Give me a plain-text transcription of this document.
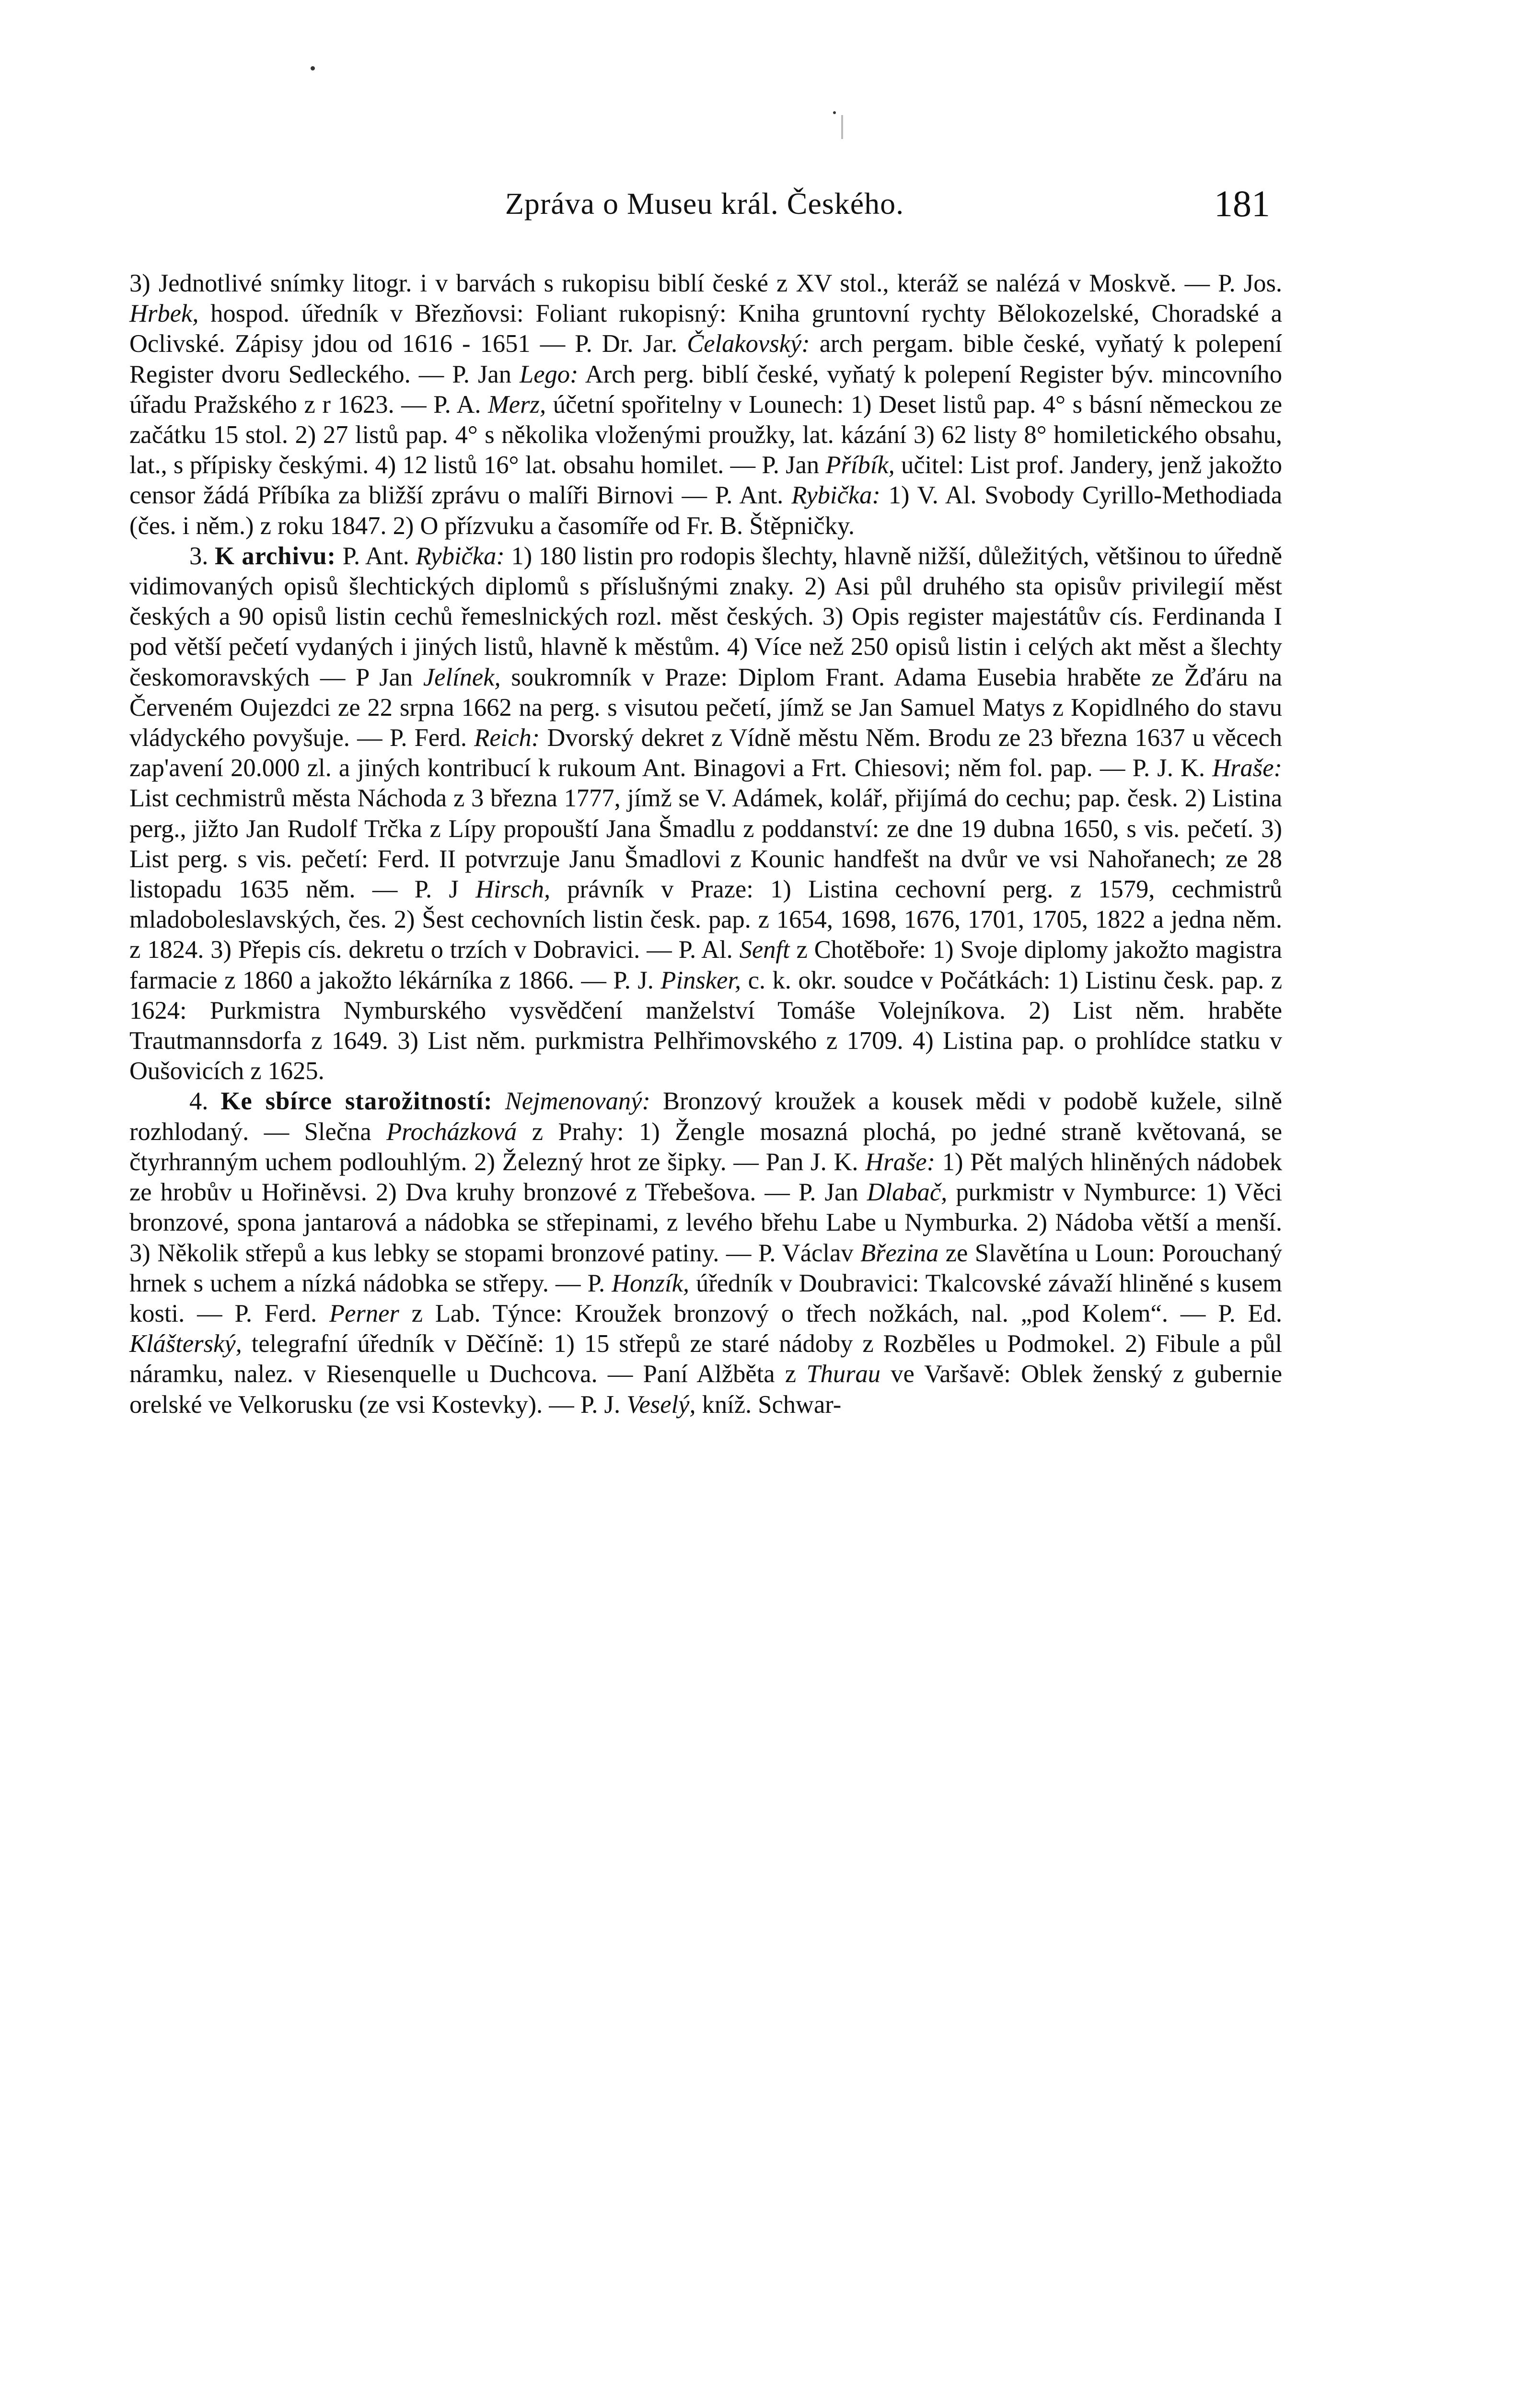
Zpráva o Museu král. Českého.	181

3) Jednotlivé snímky litogr. i v barvách s rukopisu biblí české z XV stol., kteráž se nalézá v Moskvě. — P. Jos. Hrbek, hospod. úředník v Březňovsi: Foliant rukopisný: Kniha gruntovní rychty Bělokozelské, Choradské a Oclivské. Zápisy jdou od 1616 - 1651 — P. Dr. Jar. Čelakovský: arch pergam. bible české, vyňatý k polepení Register dvoru Sedleckého. — P. Jan Lego: Arch perg. biblí české, vyňatý k polepení Register býv. mincovního úřadu Pražského z r 1623. — P. A. Merz, účetní spořitelny v Lounech: 1) Deset listů pap. 4° s básní německou ze začátku 15 stol. 2) 27 listů pap. 4° s několika vloženými proužky, lat. kázání 3) 62 listy 8° homiletického obsahu, lat., s přípisky českými. 4) 12 listů 16° lat. obsahu homilet. — P. Jan Příbík, učitel: List prof. Jandery, jenž jakožto censor žádá Příbíka za bližší zprávu o malíři Birnovi — P. Ant. Rybička: 1) V. Al. Svobody Cyrillo-Methodiada (čes. i něm.) z roku 1847. 2) O přízvuku a časomíře od Fr. B. Štěpničky.

3. K archivu: P. Ant. Rybička: 1) 180 listin pro rodopis šlechty, hlavně nižší, důležitých, většinou to úředně vidimovaných opisů šlechtických diplomů s příslušnými znaky. 2) Asi půl druhého sta opisův privilegií měst českých a 90 opisů listin cechů řemeslnických rozl. měst českých. 3) Opis register majestátův cís. Ferdinanda I pod větší pečetí vydaných i jiných listů, hlavně k městům. 4) Více než 250 opisů listin i celých akt měst a šlechty českomoravských — P Jan Jelínek, soukromník v Praze: Diplom Frant. Adama Eusebia hraběte ze Žďáru na Červeném Oujezdci ze 22 srpna 1662 na perg. s visutou pečetí, jímž se Jan Samuel Matys z Kopidlného do stavu vládyckého povyšuje. — P. Ferd. Reich: Dvorský dekret z Vídně městu Něm. Brodu ze 23 března 1637 u věcech zap'avení 20.000 zl. a jiných kontribucí k rukoum Ant. Binagovi a Frt. Chiesovi; něm fol. pap. — P. J. K. Hraše: List cechmistrů města Náchoda z 3 března 1777, jímž se V. Adámek, kolář, přijímá do cechu; pap. česk. 2) Listina perg., jižto Jan Rudolf Trčka z Lípy propouští Jana Šmadlu z poddanství: ze dne 19 dubna 1650, s vis. pečetí. 3) List perg. s vis. pečetí: Ferd. II potvrzuje Janu Šmadlovi z Kounic handfešt na dvůr ve vsi Nahořanech; ze 28 listopadu 1635 něm. — P. J Hirsch, právník v Praze: 1) Listina cechovní perg. z 1579, cechmistrů mladoboleslavských, čes. 2) Šest cechovních listin česk. pap. z 1654, 1698, 1676, 1701, 1705, 1822 a jedna něm. z 1824. 3) Přepis cís. dekretu o trzích v Dobravici. — P. Al. Senft z Chotěboře: 1) Svoje diplomy jakožto magistra farmacie z 1860 a jakožto lékárníka z 1866. — P. J. Pinsker, c. k. okr. soudce v Počátkách: 1) Listinu česk. pap. z 1624: Purkmistra Nymburského vysvědčení manželství Tomáše Volejníkova. 2) List něm. hraběte Trautmannsdorfa z 1649. 3) List něm. purkmistra Pelhřimovského z 1709. 4) Listina pap. o prohlídce statku v Oušovicích z 1625.

4. Ke sbírce starožitností: Nejmenovaný: Bronzový kroužek a kousek mědi v podobě kužele, silně rozhlodaný. — Slečna Procházková z Prahy: 1) Žengle mosazná plochá, po jedné straně květovaná, se čtyrhranným uchem podlouhlým. 2) Železný hrot ze šipky. — Pan J. K. Hraše: 1) Pět malých hliněných nádobek ze hrobův u Hořiněvsi. 2) Dva kruhy bronzové z Třebešova. — P. Jan Dlabač, purkmistr v Nymburce: 1) Věci bronzové, spona jantarová a nádobka se střepinami, z levého břehu Labe u Nymburka. 2) Nádoba větší a menší. 3) Několik střepů a kus lebky se stopami bronzové patiny. — P. Václav Březina ze Slavětína u Loun: Porouchaný hrnek s uchem a nízká nádobka se střepy. — P. Honzík, úředník v Doubravici: Tkalcovské závaží hliněné s kusem kosti. — P. Ferd. Perner z Lab. Týnce: Kroužek bronzový o třech nožkách, nal. „pod Kolem“. — P. Ed. Klášterský, telegrafní úředník v Děčíně: 1) 15 střepů ze staré nádoby z Rozběles u Podmokel. 2) Fibule a půl náramku, nalez. v Riesenquelle u Duchcova. — Paní Alžběta z Thurau ve Varšavě: Oblek ženský z gubernie orelské ve Velkorusku (ze vsi Kostevky). — P. J. Veselý, kníž. Schwar-
